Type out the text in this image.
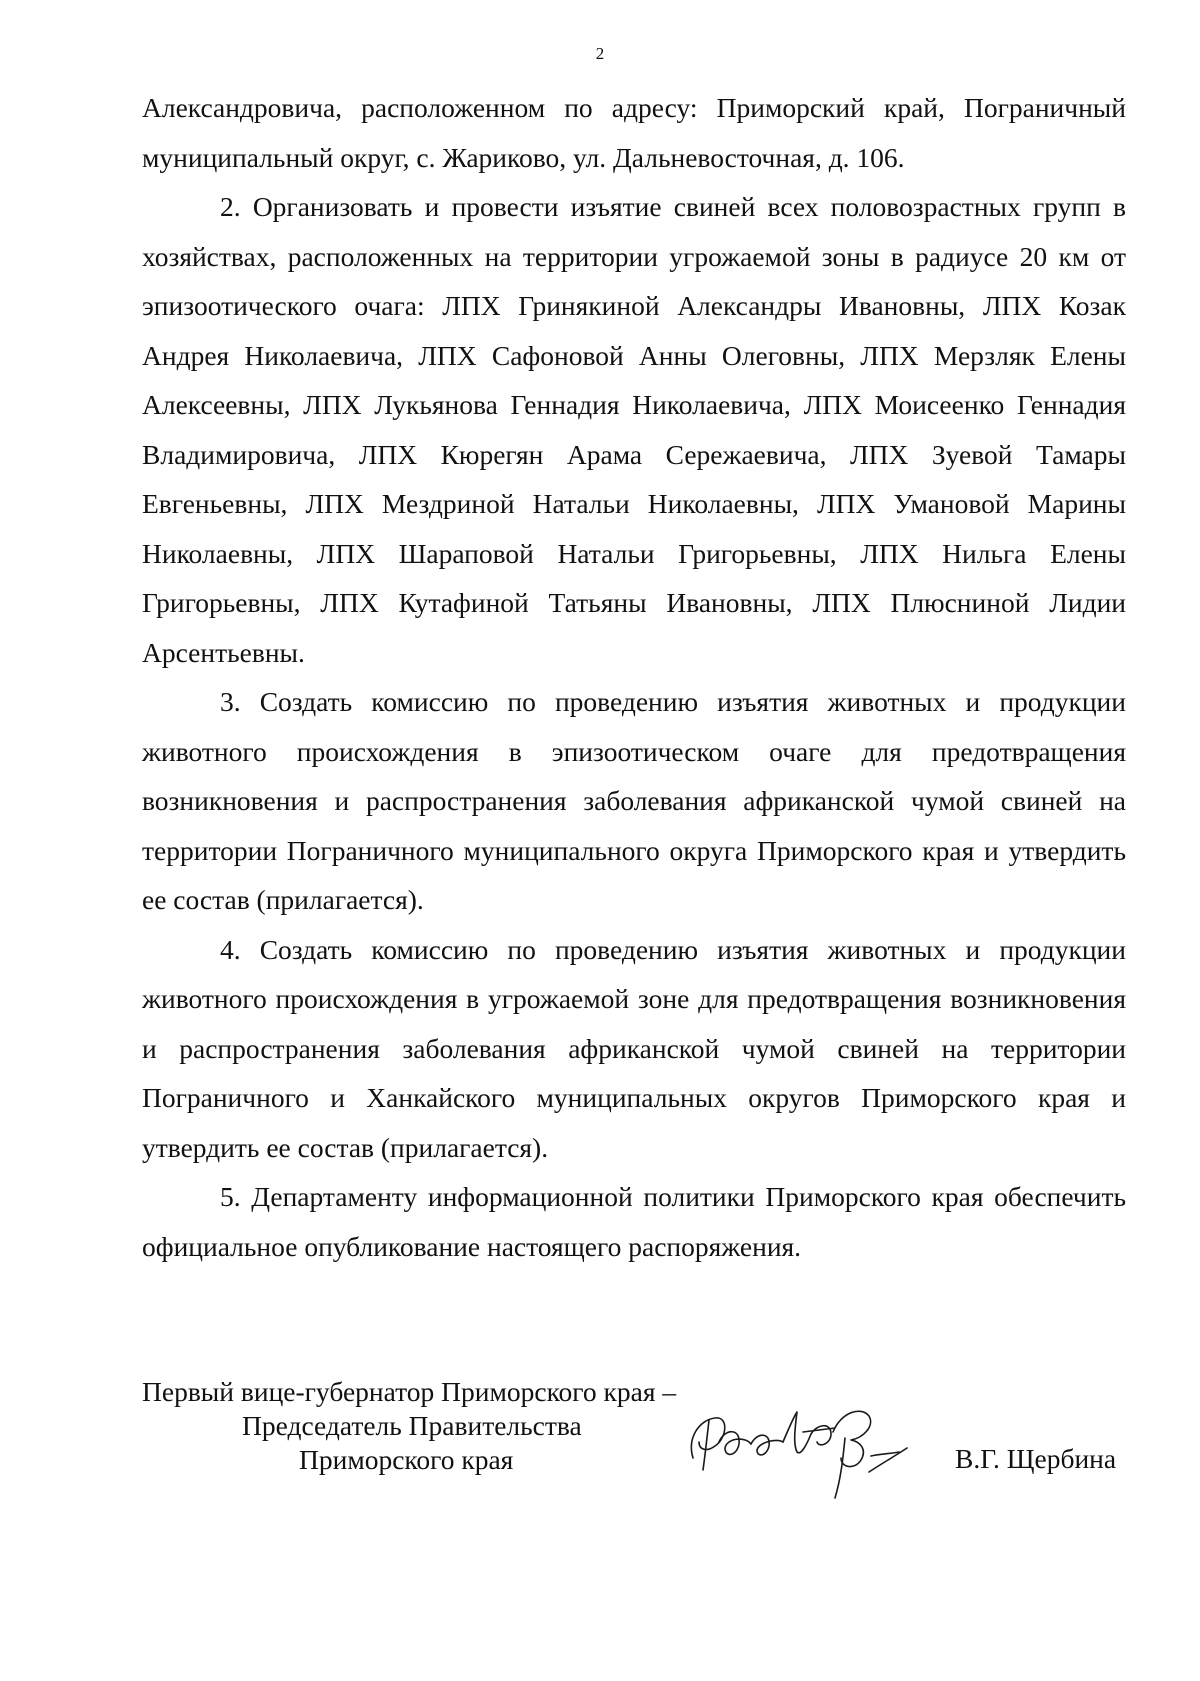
2

Александровича, расположенном по адресу: Приморский край, Пограничный муниципальный округ, с. Жариково, ул. Дальневосточная, д. 106.

2. Организовать и провести изъятие свиней всех половозрастных групп в хозяйствах, расположенных на территории угрожаемой зоны в радиусе 20 км от эпизоотического очага: ЛПХ Гринякиной Александры Ивановны, ЛПХ Козак Андрея Николаевича, ЛПХ Сафоновой Анны Олеговны, ЛПХ Мерзляк Елены Алексеевны, ЛПХ Лукьянова Геннадия Николаевича, ЛПХ Моисеенко Геннадия Владимировича, ЛПХ Кюрегян Арама Сережаевича, ЛПХ Зуевой Тамары Евгеньевны, ЛПХ Мездриной Натальи Николаевны, ЛПХ Умановой Марины Николаевны, ЛПХ Шараповой Натальи Григорьевны, ЛПХ Нильга Елены Григорьевны, ЛПХ Кутафиной Татьяны Ивановны, ЛПХ Плюсниной Лидии Арсентьевны.

3. Создать комиссию по проведению изъятия животных и продукции животного происхождения в эпизоотическом очаге для предотвращения возникновения и распространения заболевания африканской чумой свиней на территории Пограничного муниципального округа Приморского края и утвердить ее состав (прилагается).

4. Создать комиссию по проведению изъятия животных и продукции животного происхождения в угрожаемой зоне для предотвращения возникновения и распространения заболевания африканской чумой свиней на территории Пограничного и Ханкайского муниципальных округов Приморского края и утвердить ее состав (прилагается).

5. Департаменту информационной политики Приморского края обеспечить официальное опубликование настоящего распоряжения.

Первый вице-губернатор Приморского края –
Председатель Правительства
Приморского края	В.Г. Щербина
